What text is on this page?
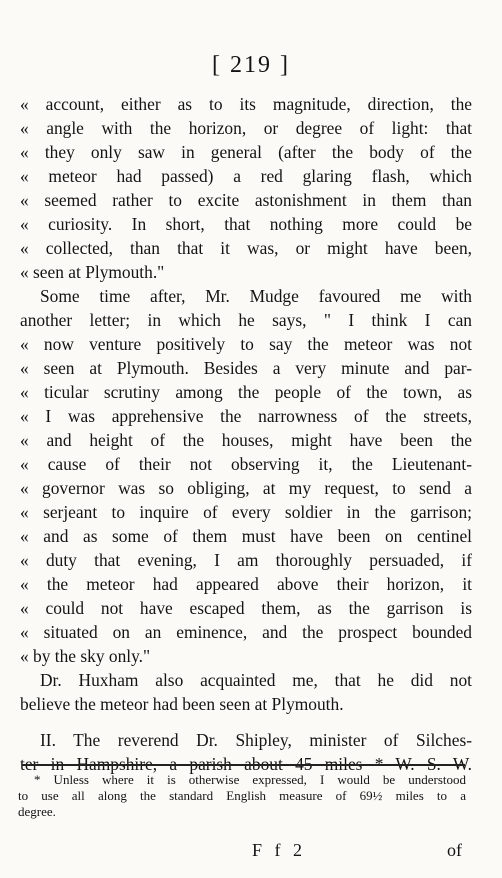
[ 219 ]
« account, either as to its magnitude, direction, the
« angle with the horizon, or degree of light: that
« they only saw in general (after the body of the
« meteor had passed) a red glaring flash, which
« seemed rather to excite astonishment in them than
« curiosity. In short, that nothing more could be
« collected, than that it was, or might have been,
« seen at Plymouth."
Some time after, Mr. Mudge favoured me with
another letter; in which he says, " I think I can
« now venture positively to say the meteor was not
« seen at Plymouth. Besides a very minute and par-
« ticular scrutiny among the people of the town, as
« I was apprehensive the narrowness of the streets,
« and height of the houses, might have been the
« cause of their not observing it, the Lieutenant-
« governor was so obliging, at my request, to send a
« serjeant to inquire of every soldier in the garrison;
« and as some of them must have been on centinel
« duty that evening, I am thoroughly persuaded, if
« the meteor had appeared above their horizon, it
« could not have escaped them, as the garrison is
« situated on an eminence, and the prospect bounded
« by the sky only."
Dr. Huxham also acquainted me, that he did not
believe the meteor had been seen at Plymouth.
II. The reverend Dr. Shipley, minister of Silches-
ter in Hampshire, a parish about 45 miles * W. S. W.
* Unless where it is otherwise expressed, I would be understood
to use all along the standard English measure of 69½ miles to a
degree.
F f 2	of
